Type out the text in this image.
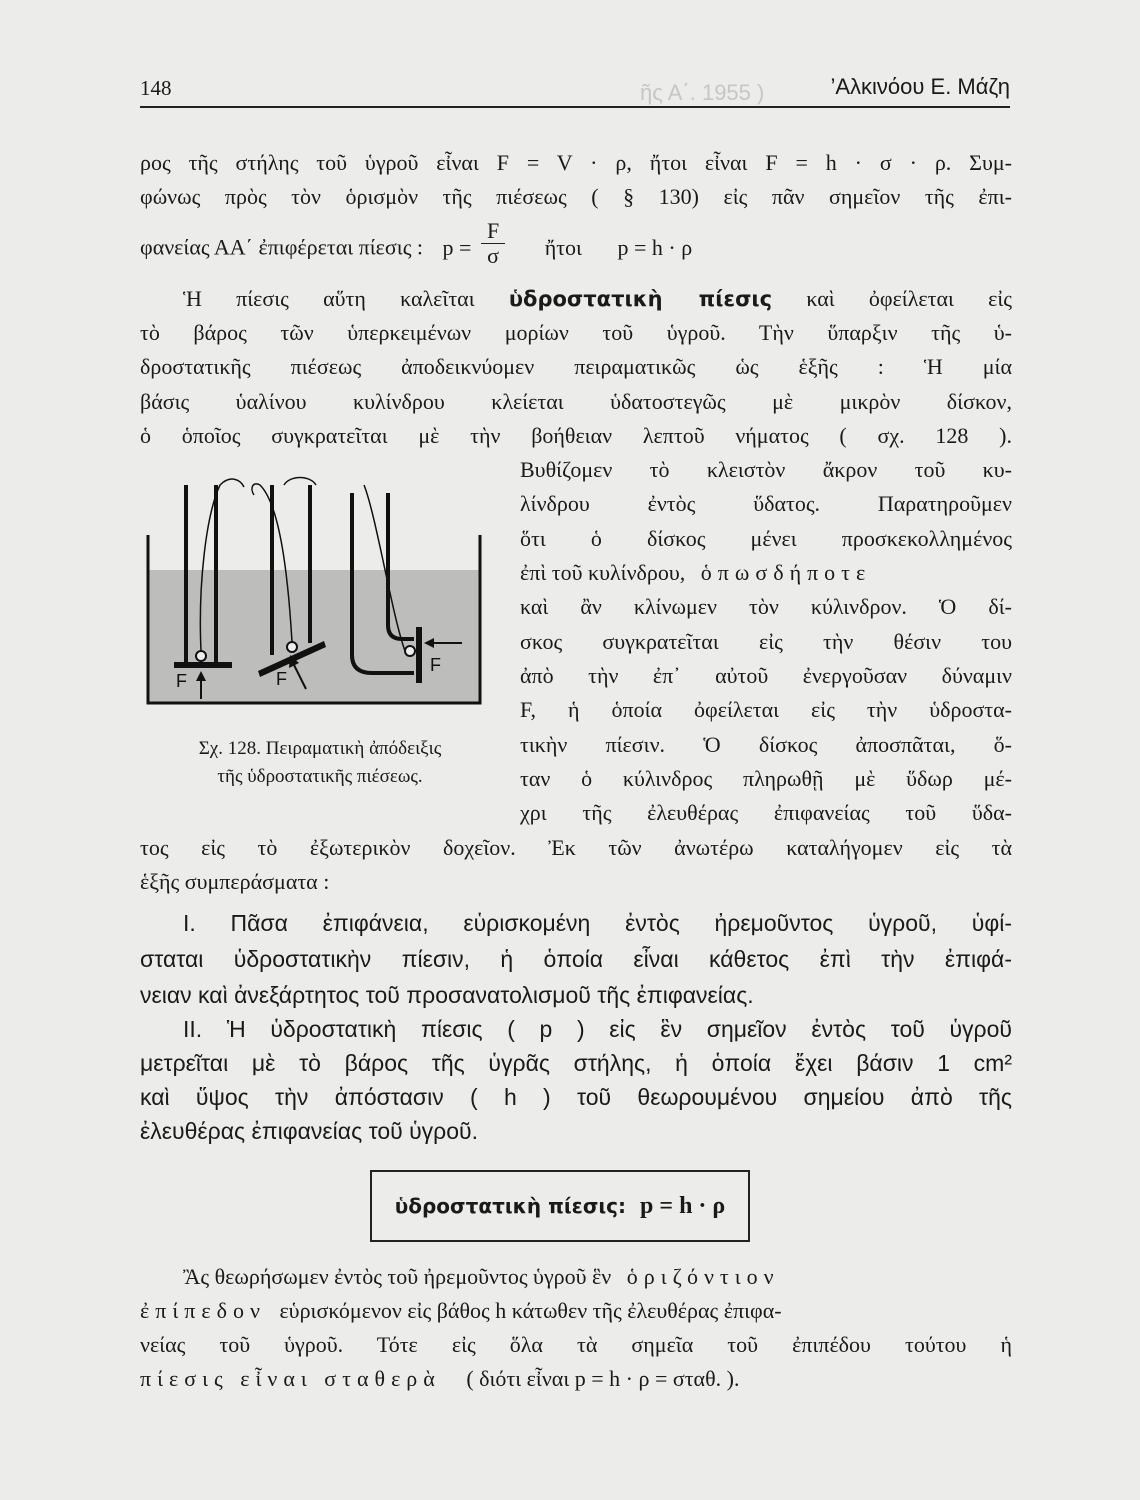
ῆς Α΄. 1955 )
148	’Αλκινόου Ε. Μάζη
ρος τῆς στήλης τοῦ ὑγροῦ εἶναι F = V · ρ, ἤτοι εἶναι F = h · σ · ρ. Συμ-
φώνως πρὸς τὸν ὁρισμὸν τῆς πιέσεως ( § 130) εἰς πᾶν σημεῖον τῆς ἐπι-
φανείας ΑΑ΄ ἐπιφέρεται πίεσις : $p = \frac{F}{\sigma}$ ἤτοι p = h · ρ
Ἡ πίεσις αὕτη καλεῖται ὑδροστατικὴ πίεσις καὶ ὀφείλεται εἰς
τὸ βάρος τῶν ὑπερκειμένων μορίων τοῦ ὑγροῦ. Τὴν ὕπαρξιν τῆς ὑ-
δροστατικῆς πιέσεως ἀποδεικνύομεν πειραματικῶς ὡς ἑξῆς : Ἡ μία
βάσις ὑαλίνου κυλίνδρου κλείεται ὑδατοστεγῶς μὲ μικρὸν δίσκον,
ὁ ὁποῖος συγκρατεῖται μὲ τὴν βοήθειαν λεπτοῦ νήματος ( σχ. 128 ).
Βυθίζομεν τὸ κλειστὸν ἄκρον τοῦ κυ-
λίνδρου ἐντὸς ὕδατος. Παρατηροῦμεν
ὅτι ὁ δίσκος μένει προσκεκολλημένος
ἐπὶ τοῦ κυλίνδρου, ὁπωσδήποτε
καὶ ἂν κλίνωμεν τὸν κύλινδρον. Ὁ δί-
σκος συγκρατεῖται εἰς τὴν θέσιν του
ἀπὸ τὴν ἐπ᾿ αὐτοῦ ἐνεργοῦσαν δύναμιν
F, ἡ ὁποία ὀφείλεται εἰς τὴν ὑδροστα-
τικὴν πίεσιν. Ὁ δίσκος ἀποσπᾶται, ὅ-
ταν ὁ κύλινδρος πληρωθῇ μὲ ὕδωρ μέ-
χρι τῆς ἐλευθέρας ἐπιφανείας τοῦ ὕδα-
τος εἰς τὸ ἐξωτερικὸν δοχεῖον. Ἐκ τῶν ἀνωτέρω καταλήγομεν εἰς τὰ
ἑξῆς συμπεράσματα :
F	F
F
Σχ. 128. Πειραματικὴ ἀπόδειξις
τῆς ὑδροστατικῆς πιέσεως.
Ι. Πᾶσα ἐπιφάνεια, εὑρισκομένη ἐντὸς ἠρεμοῦντος ὑγροῦ, ὑφί-
σταται ὑδροστατικὴν πίεσιν, ἡ ὁποία εἶναι κάθετος ἐπὶ τὴν ἐπιφά-
νειαν καὶ ἀνεξάρτητος τοῦ προσανατολισμοῦ τῆς ἐπιφανείας.
ΙΙ. Ἡ ὑδροστατικὴ πίεσις ( p ) εἰς ἓν σημεῖον ἐντὸς τοῦ ὑγροῦ
μετρεῖται μὲ τὸ βάρος τῆς ὑγρᾶς στήλης, ἡ ὁποία ἔχει βάσιν 1 cm²
καὶ ὕψος τὴν ἀπόστασιν ( h ) τοῦ θεωρουμένου σημείου ἀπὸ τῆς
ἐλευθέρας ἐπιφανείας τοῦ ὑγροῦ.
ὑδροστατικὴ πίεσις: p = h · ρ
Ἂς θεωρήσωμεν ἐντὸς τοῦ ἠρεμοῦντος ὑγροῦ ἓν ὁριζόντιον
ἐπίπεδον εὑρισκόμενον εἰς βάθος h κάτωθεν τῆς ἐλευθέρας ἐπιφα-
νείας τοῦ ὑγροῦ. Τότε εἰς ὅλα τὰ σημεῖα τοῦ ἐπιπέδου τούτου ἡ
πίεσις εἶναι σταθερὰ ( διότι εἶναι p = h · ρ = σταθ. ).
